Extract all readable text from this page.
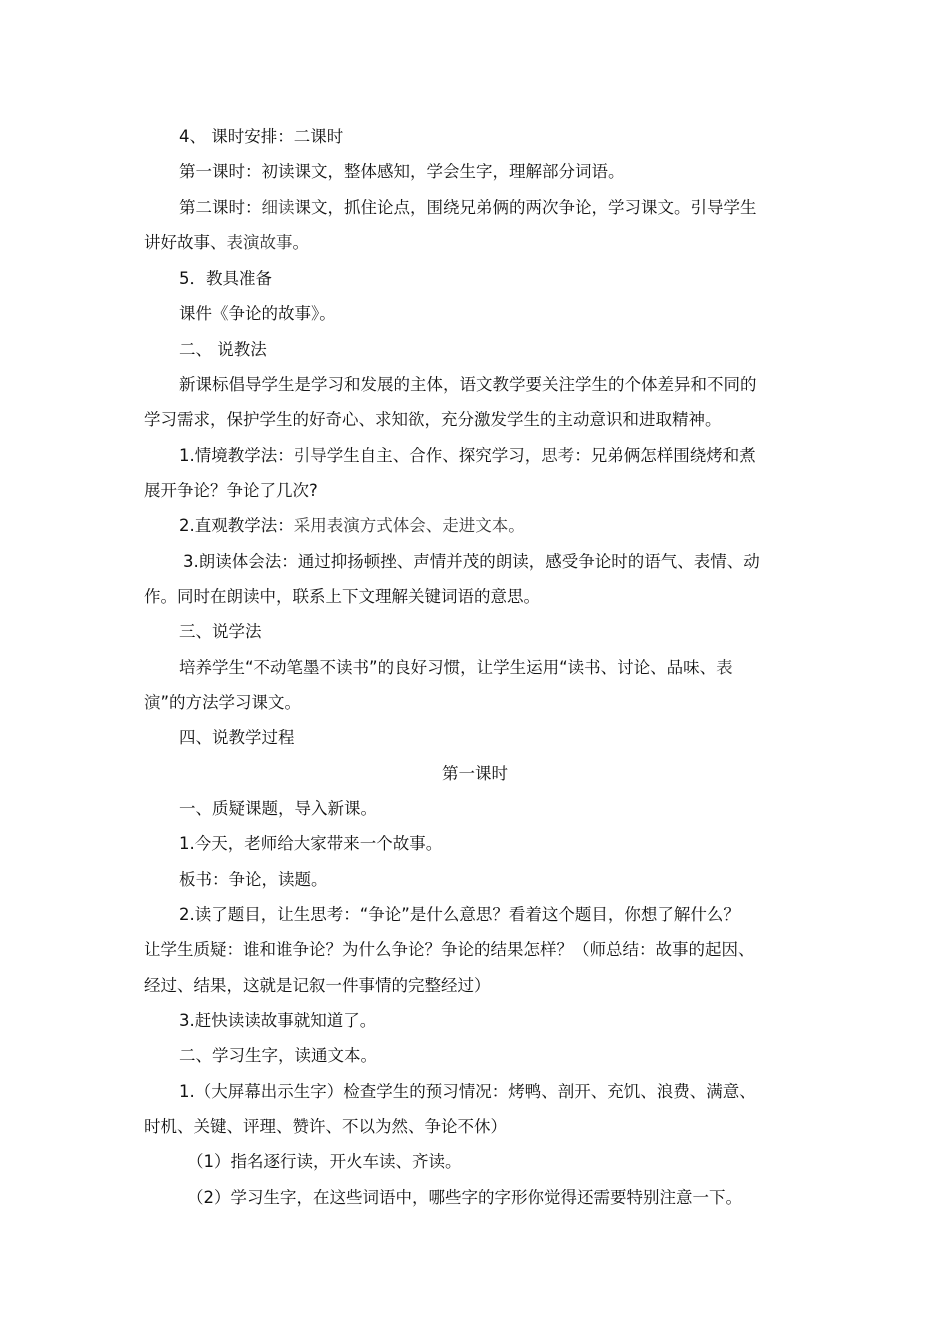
4、 课时安排：二课时
第一课时：初读课文，整体感知，学会生字，理解部分词语。
第二课时：细读课文，抓住论点，围绕兄弟俩的两次争论，学习课文。引导学生
讲好故事、表演故事。
5．教具准备
课件《争论的故事》。
二、 说教法
新课标倡导学生是学习和发展的主体，语文教学要关注学生的个体差异和不同的
学习需求，保护学生的好奇心、求知欲，充分激发学生的主动意识和进取精神。
1.情境教学法：引导学生自主、合作、探究学习，思考：兄弟俩怎样围绕烤和煮
展开争论？争论了几次?
2.直观教学法：采用表演方式体会、走进文本。
3.朗读体会法：通过抑扬顿挫、声情并茂的朗读，感受争论时的语气、表情、动
作。同时在朗读中，联系上下文理解关键词语的意思。
三、说学法
培养学生“不动笔墨不读书”的良好习惯，让学生运用“读书、讨论、品味、表
演”的方法学习课文。
四、说教学过程
第一课时
一、质疑课题，导入新课。
1.今天，老师给大家带来一个故事。
板书：争论，读题。
2.读了题目，让生思考：“争论”是什么意思？看着这个题目，你想了解什么？
让学生质疑：谁和谁争论？为什么争论？争论的结果怎样？（师总结：故事的起因、
经过、结果，这就是记叙一件事情的完整经过）
3.赶快读读故事就知道了。
二、学习生字，读通文本。
1.（大屏幕出示生字）检查学生的预习情况：烤鸭、剖开、充饥、浪费、满意、
时机、关键、评理、赞许、不以为然、争论不休）
（1）指名逐行读，开火车读、齐读。
（2）学习生字，在这些词语中，哪些字的字形你觉得还需要特别注意一下。
